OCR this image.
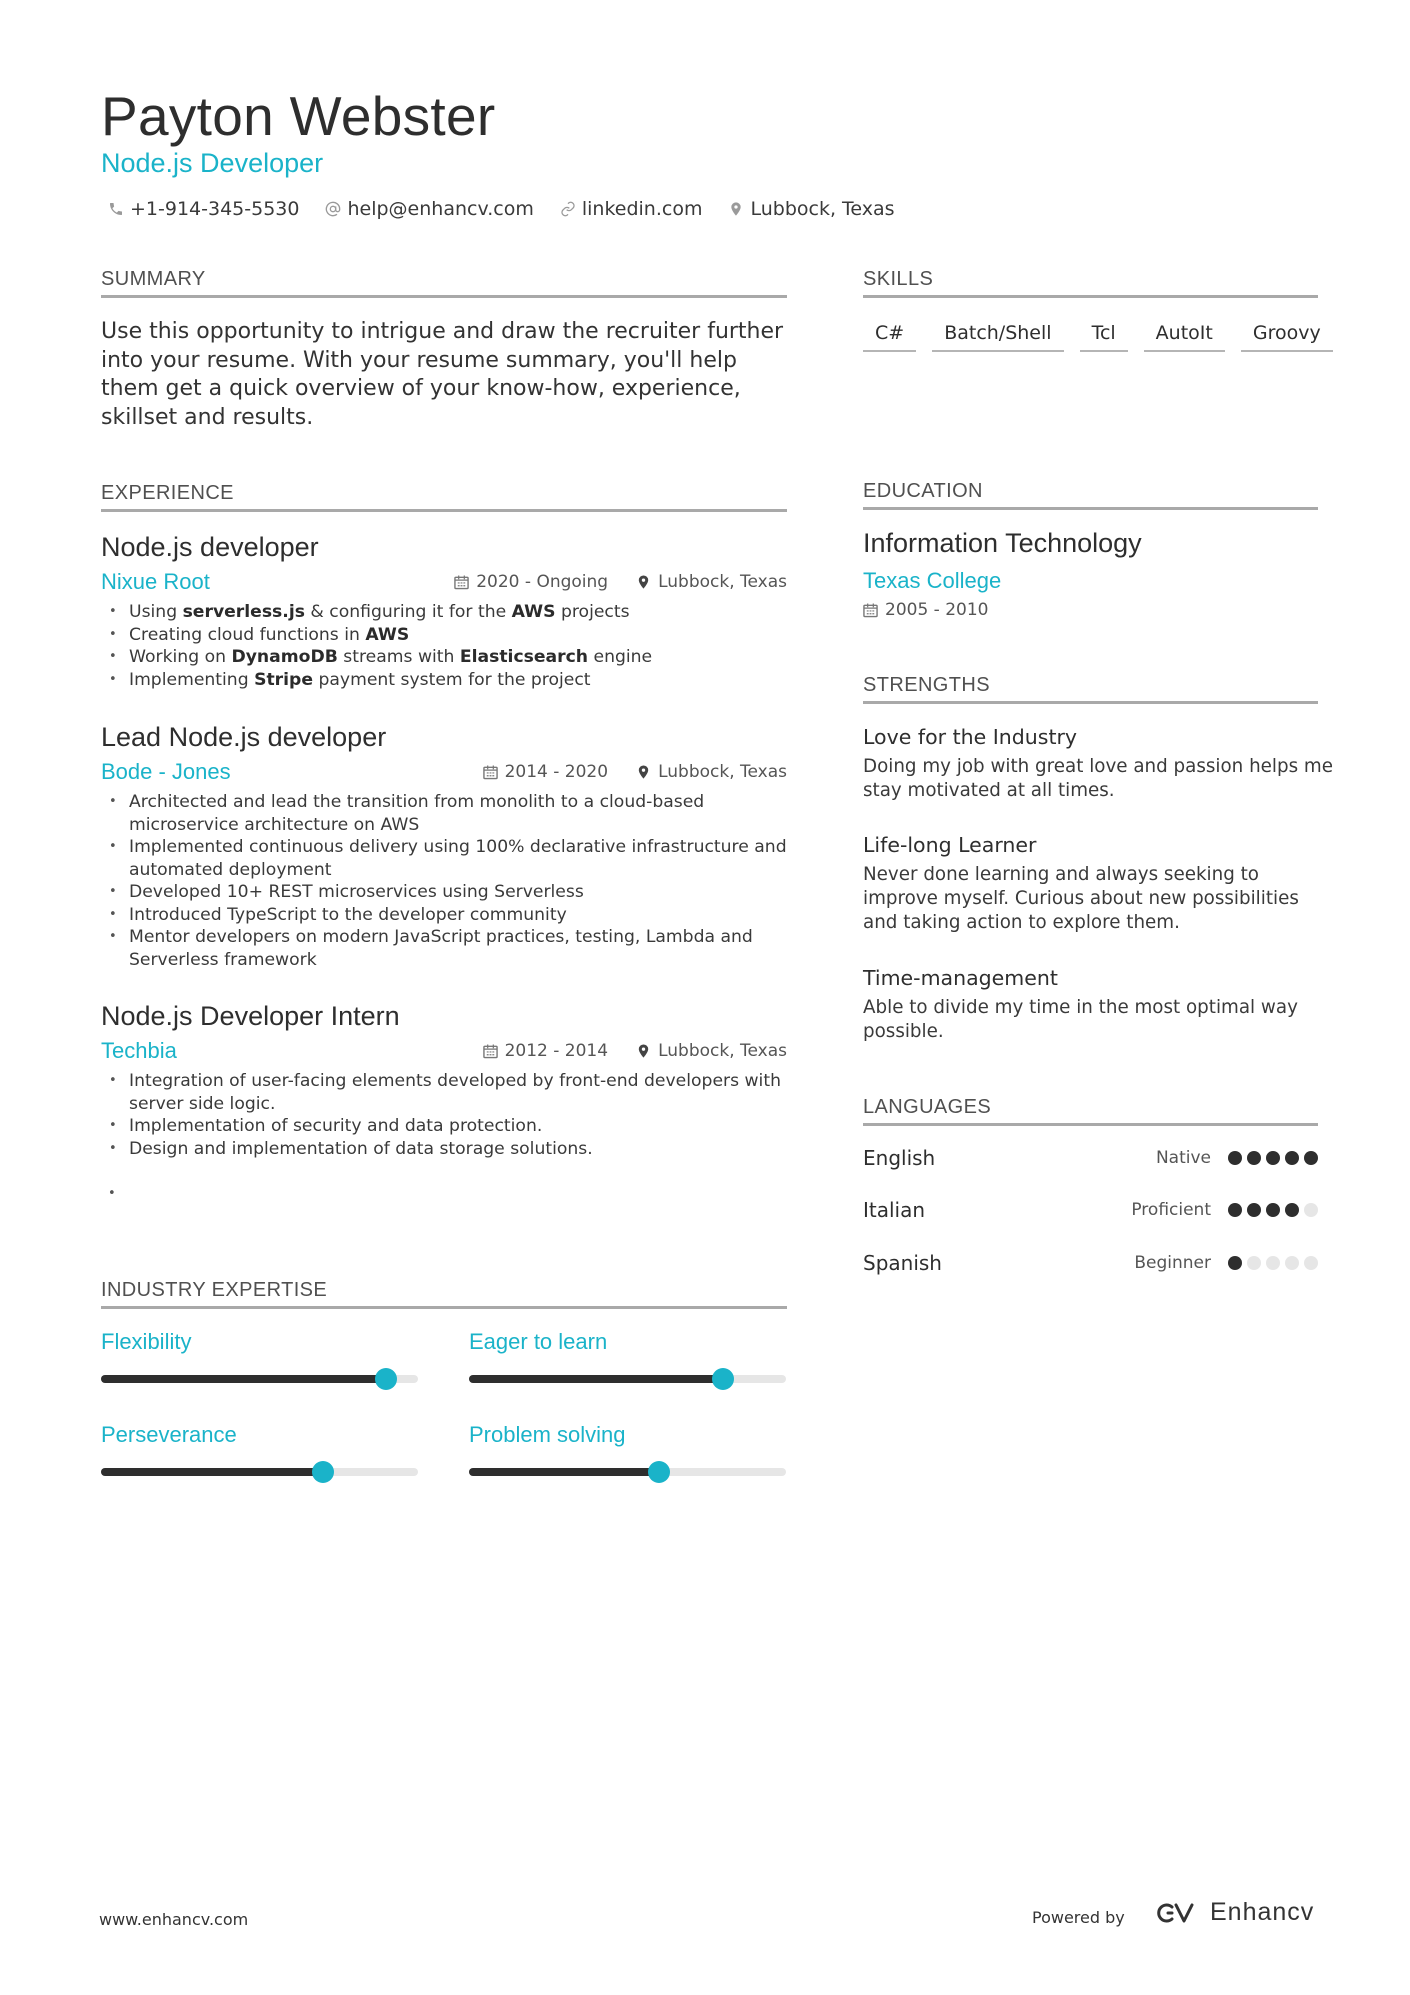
Payton Webster
Node.js Developer
+1-914-345-5530	help@enhancv.com	linkedin.com	Lubbock, Texas
SUMMARY
Use this opportunity to intrigue and draw the recruiter further into your resume. With your resume summary, you'll help them get a quick overview of your know-how, experience, skillset and results.
EXPERIENCE
Node.js developer
Nixue Root	2020 - Ongoing	Lubbock, Texas
• Using serverless.js & configuring it for the AWS projects
• Creating cloud functions in AWS
• Working on DynamoDB streams with Elasticsearch engine
• Implementing Stripe payment system for the project
Lead Node.js developer
Bode - Jones	2014 - 2020	Lubbock, Texas
• Architected and lead the transition from monolith to a cloud-based microservice architecture on AWS
• Implemented continuous delivery using 100% declarative infrastructure and automated deployment
• Developed 10+ REST microservices using Serverless
• Introduced TypeScript to the developer community
• Mentor developers on modern JavaScript practices, testing, Lambda and Serverless framework
Node.js Developer Intern
Techbia	2012 - 2014	Lubbock, Texas
• Integration of user-facing elements developed by front-end developers with server side logic.
• Implementation of security and data protection.
• Design and implementation of data storage solutions.
•
INDUSTRY EXPERTISE
Flexibility	Eager to learn
Perseverance	Problem solving
SKILLS
C#	Batch/Shell	Tcl	AutoIt	Groovy
EDUCATION
Information Technology
Texas College
2005 - 2010
STRENGTHS
Love for the Industry
Doing my job with great love and passion helps me stay motivated at all times.
Life-long Learner
Never done learning and always seeking to improve myself. Curious about new possibilities and taking action to explore them.
Time-management
Able to divide my time in the most optimal way possible.
LANGUAGES
English	Native
Italian	Proficient
Spanish	Beginner
www.enhancv.com	Powered by	Enhancv
